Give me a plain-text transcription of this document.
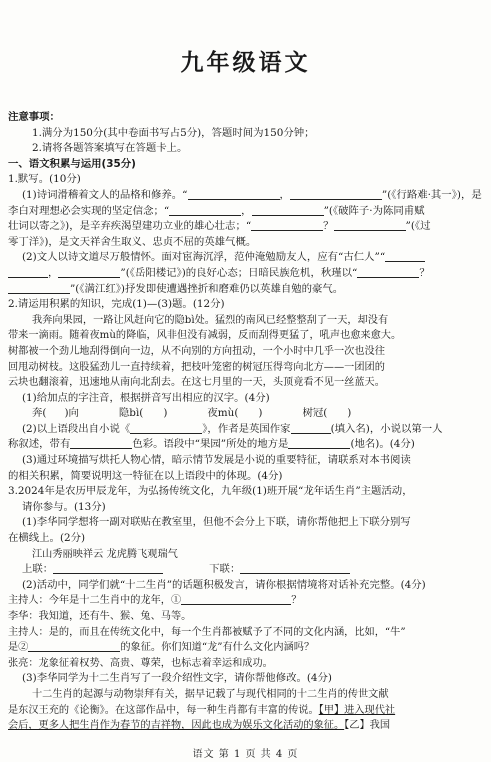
九年级语文

注意事项：

1.满分为150分(其中卷面书写占5分)，答题时间为150分钟；

2.请将各题答案填写在答题卡上。

一、语文积累与运用(35分)

1.默写。(10分)

(1)诗词滑稽着文人的品格和修养。“	，	”(《行路难·其一》)，是

李白对理想必会实现的坚定信念；“	，	”(《破阵子·为陈同甫赋

壮词以寄之》)，是辛弃疾渴望建功立业的雄心壮志；“	？	”(《过

零丁洋》)，是文天祥舍生取义、忠贞不屈的英雄气概。

(2)文人以诗文道尽万般情怀。面对宦海沉浮，范仲淹勉励友人，应有“古仁人”“

，	”(《岳阳楼记》)的良好心态；日暗民族危机，秋瑾以“	？

”(《满江红》)抒发即使遭遇挫折和磨难仍以英雄自勉的豪气。

2.请运用积累的知识，完成(1)—(3)题。(12分)

我奔向果园，一路让风赶向它的隐bì处。猛烈的南风已经整整刮了一天，却没有

带来一滴雨。随着夜mù的降临，风非但没有减弱，反而刮得更猛了，吼声也愈来愈大。

树都被一个劲儿地刮得倒向一边，从不向别的方向扭动，一个小时中几乎一次也没往

回甩动树枝。这股猛劲儿一直持续着，把枝叶笼密的树冠压得弯向北方——一团团的

云块也翻滚着，迅速地从南向北刮去。在这七月里的一天，头顶竟看不见一丝蓝天。

(1)给加点的字注音，根据拼音写出相应的汉字。(4分)

奔( )向	隐bì( )	夜mù( )	树冠( )

(2)以上语段出自小说《	》，作者是英国作家	(填入名)，小说以第一人

称叙述，带有	色彩。语段中“果园”所处的地方是	(地名)。(4分)

(3)通过环境描写烘托人物心情，暗示情节发展是小说的重要特征，请联系对本书阅读

的相关积累，简要说明这一特征在以上语段中的体现。(4分)

3.2024年是农历甲辰龙年，为弘扬传统文化，九年级(1)班开展“龙年话生肖”主题活动，

请你参与。(13分)

(1)李华同学想将一副对联贴在教室里，但他不会分上下联，请你帮他把上下联分别写

在横线上。(2分)

江山秀丽映祥云 龙虎腾飞观瑞气

上联：	下联：

(2)活动中，同学们就“十二生肖”的话题积极发言，请你根据情境将对话补充完整。(4分)

主持人：今年是十二生肖中的龙年，①	？

李华：我知道，还有牛、猴、兔、马等。

主持人：是的，而且在传统文化中，每一个生肖都被赋予了不同的文化内涵，比如，“牛”

是②	的象征。你们知道“龙”有什么文化内涵吗？

张亮：龙象征着权势、高贵、尊荣，也标志着幸运和成功。

(3)李华同学为十二生肖写了一段介绍性文字，请你帮他修改。(4分)

十二生肖的起源与动物崇拜有关，据早记载了与现代相同的十二生肖的传世文献

是东汉王充的《论衡》。在这部作品中，每一种生肖都有丰富的传说。【甲】进入现代社

会后，更多人把生肖作为春节的吉祥物，因此也成为娱乐文化活动的象征。【乙】我国

语文 第 1 页 共 4 页
